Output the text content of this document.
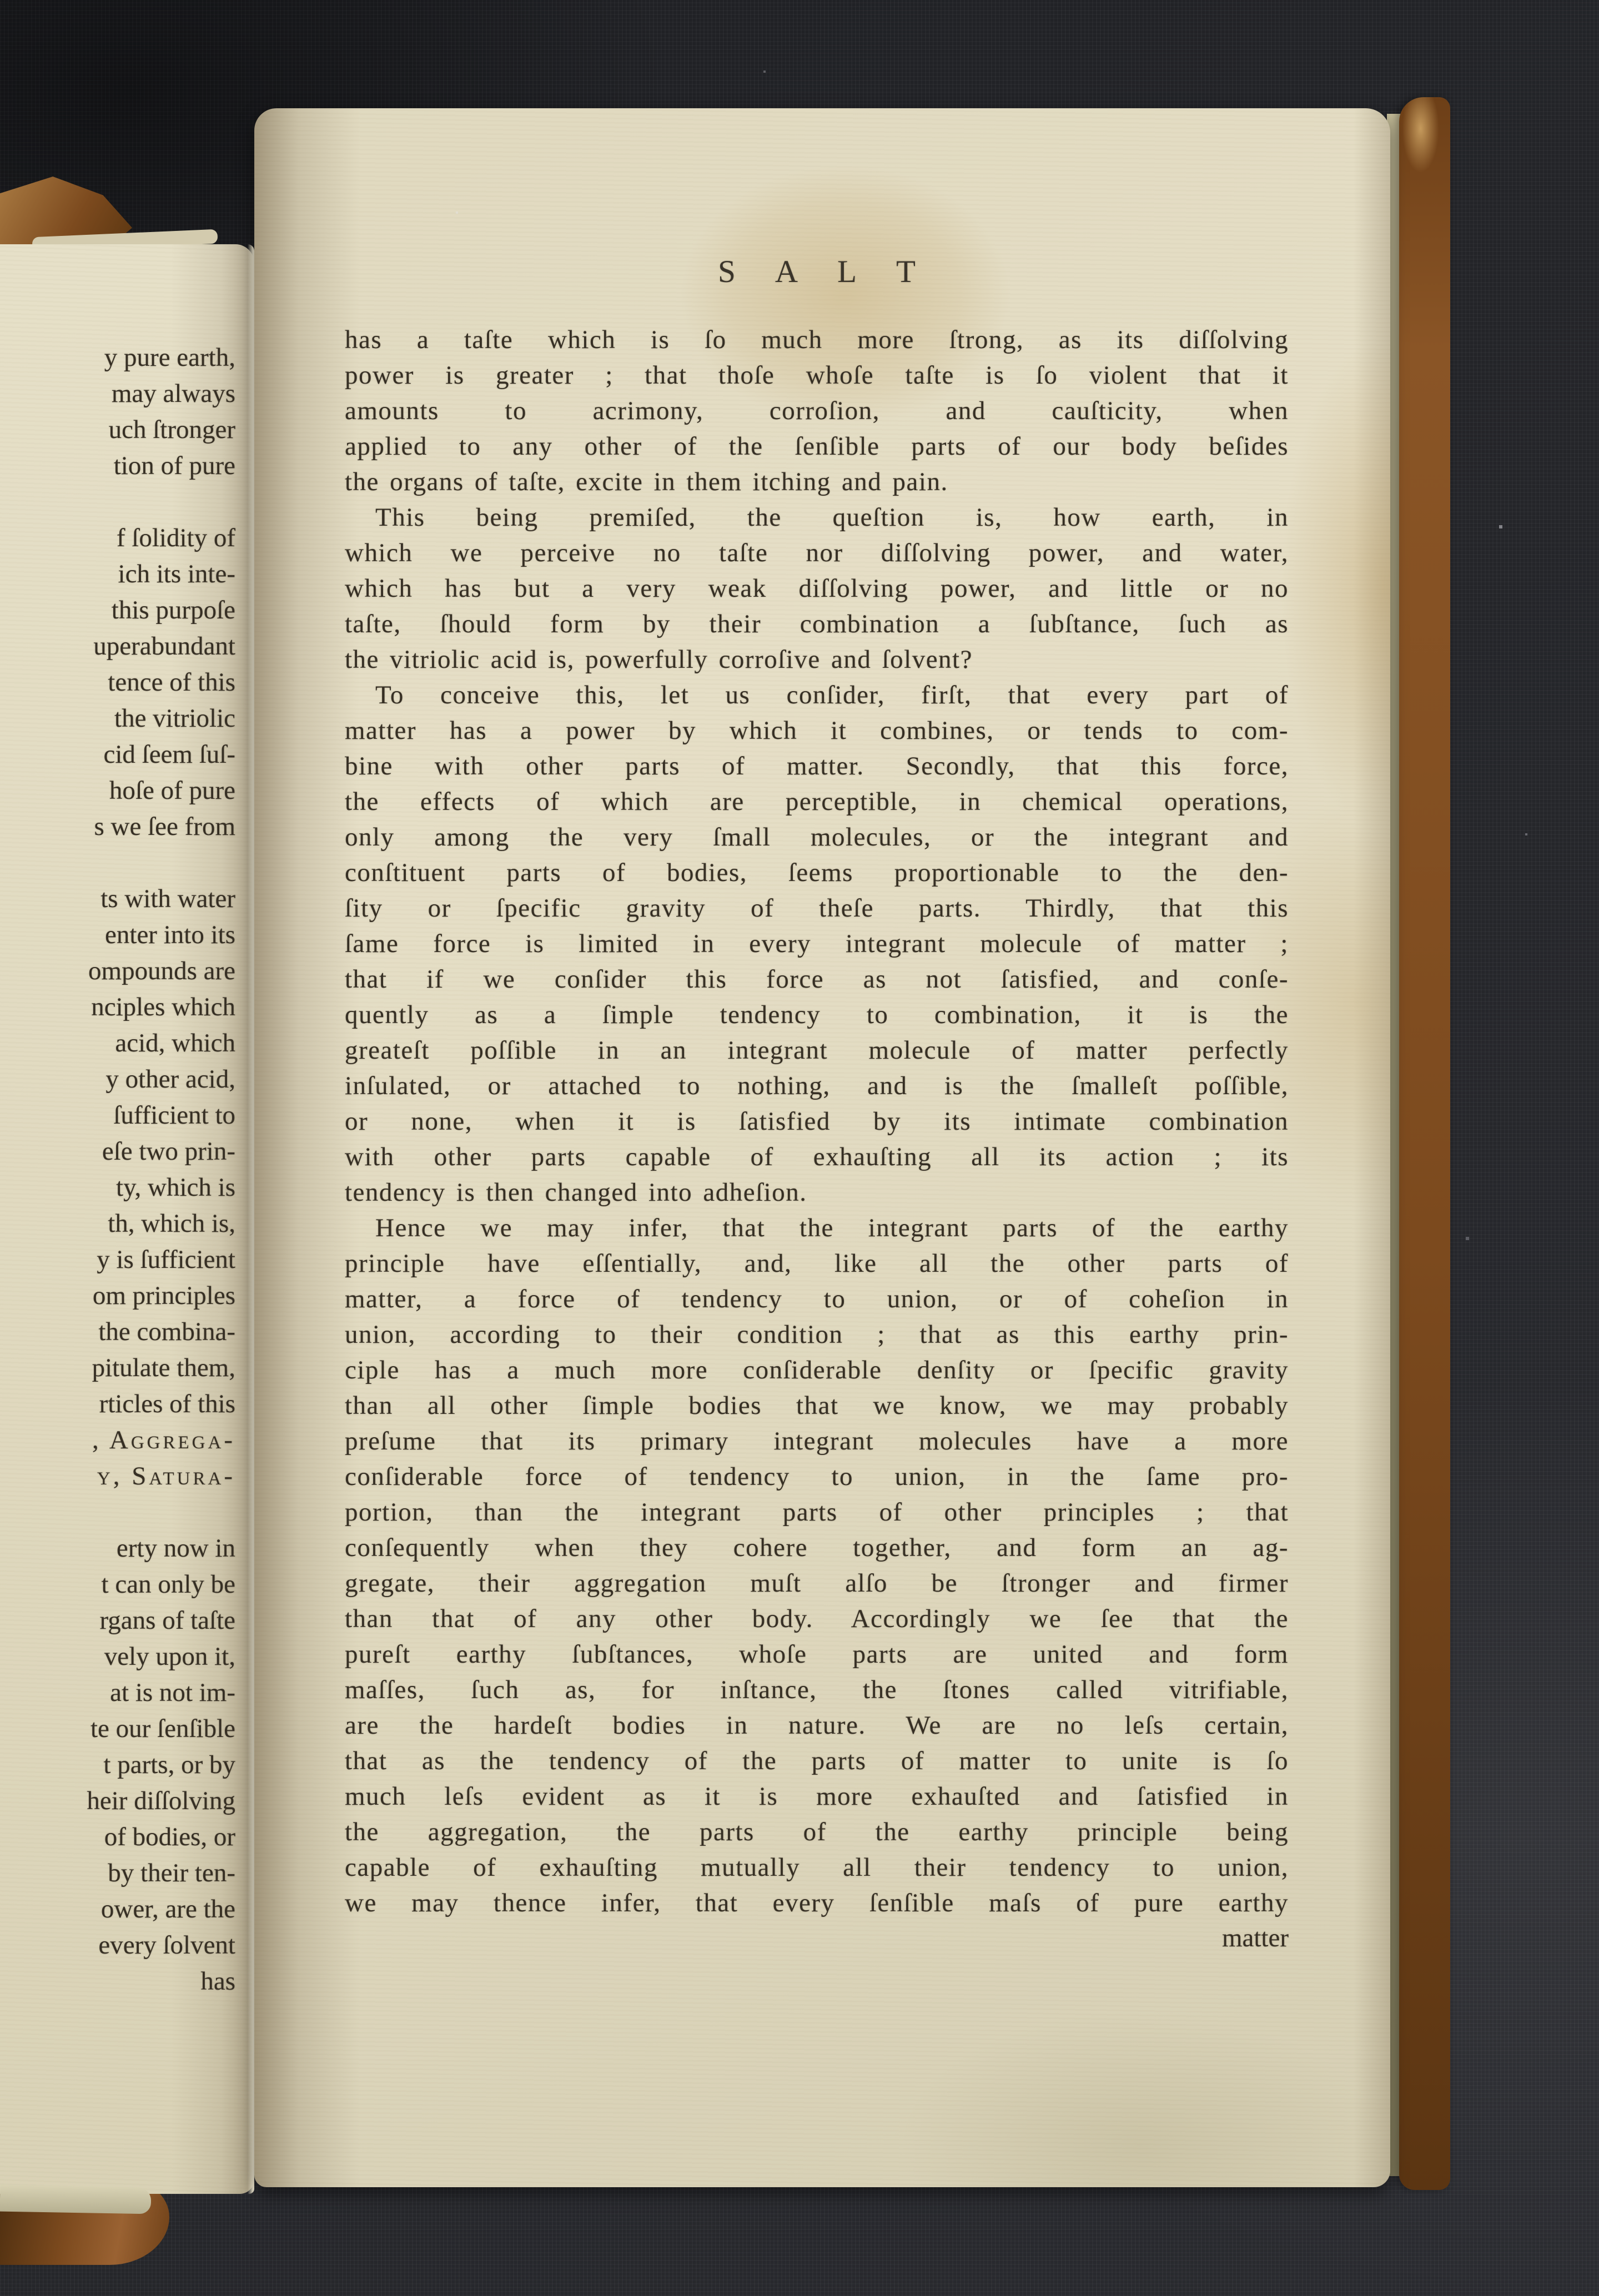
y pure earth,
may always
uch ſtronger
tion of pure

f ſolidity of
ich its inte-
this purpoſe
uperabundant
tence of this
the vitriolic
cid ſeem ſuſ-
hoſe of pure
s we ſee from

ts with water
enter into its
ompounds are
nciples which
acid, which
y other acid,
ſufficient to
eſe two prin-
ty, which is
th, which is,
y is ſufficient
om principles
the combina-
pitulate them,
rticles of this
, Aggrega-
y, Satura-

erty now in
t can only be
rgans of taſte
vely upon it,
at is not im-
te our ſenſible
t parts, or by
heir diſſolving
of bodies, or
by their ten-
ower, are the
every ſolvent
has
S A L T
has a taſte which is ſo much more ſtrong, as its diſſolving
power is greater ; that thoſe whoſe taſte is ſo violent that it
amounts to acrimony, corroſion, and cauſticity, when
applied to any other of the ſenſible parts of our body beſides
the organs of taſte, excite in them itching and pain.
This being premiſed, the queſtion is, how earth, in
which we perceive no taſte nor diſſolving power, and water,
which has but a very weak diſſolving power, and little or no
taſte, ſhould form by their combination a ſubſtance, ſuch as
the vitriolic acid is, powerfully corroſive and ſolvent?
To conceive this, let us conſider, firſt, that every part of
matter has a power by which it combines, or tends to com-
bine with other parts of matter. Secondly, that this force,
the effects of which are perceptible, in chemical operations,
only among the very ſmall molecules, or the integrant and
conſtituent parts of bodies, ſeems proportionable to the den-
ſity or ſpecific gravity of theſe parts. Thirdly, that this
ſame force is limited in every integrant molecule of matter ;
that if we conſider this force as not ſatisfied, and conſe-
quently as a ſimple tendency to combination, it is the
greateſt poſſible in an integrant molecule of matter perfectly
inſulated, or attached to nothing, and is the ſmalleſt poſſible,
or none, when it is ſatisfied by its intimate combination
with other parts capable of exhauſting all its action ; its
tendency is then changed into adheſion.
Hence we may infer, that the integrant parts of the earthy
principle have eſſentially, and, like all the other parts of
matter, a force of tendency to union, or of coheſion in
union, according to their condition ; that as this earthy prin-
ciple has a much more conſiderable denſity or ſpecific gravity
than all other ſimple bodies that we know, we may probably
preſume that its primary integrant molecules have a more
conſiderable force of tendency to union, in the ſame pro-
portion, than the integrant parts of other principles ; that
conſequently when they cohere together, and form an ag-
gregate, their aggregation muſt alſo be ſtronger and firmer
than that of any other body. Accordingly we ſee that the
pureſt earthy ſubſtances, whoſe parts are united and form
maſſes, ſuch as, for inſtance, the ſtones called vitrifiable,
are the hardeſt bodies in nature. We are no leſs certain,
that as the tendency of the parts of matter to unite is ſo
much leſs evident as it is more exhauſted and ſatisfied in
the aggregation, the parts of the earthy principle being
capable of exhauſting mutually all their tendency to union,
we may thence infer, that every ſenſible maſs of pure earthy
matter
